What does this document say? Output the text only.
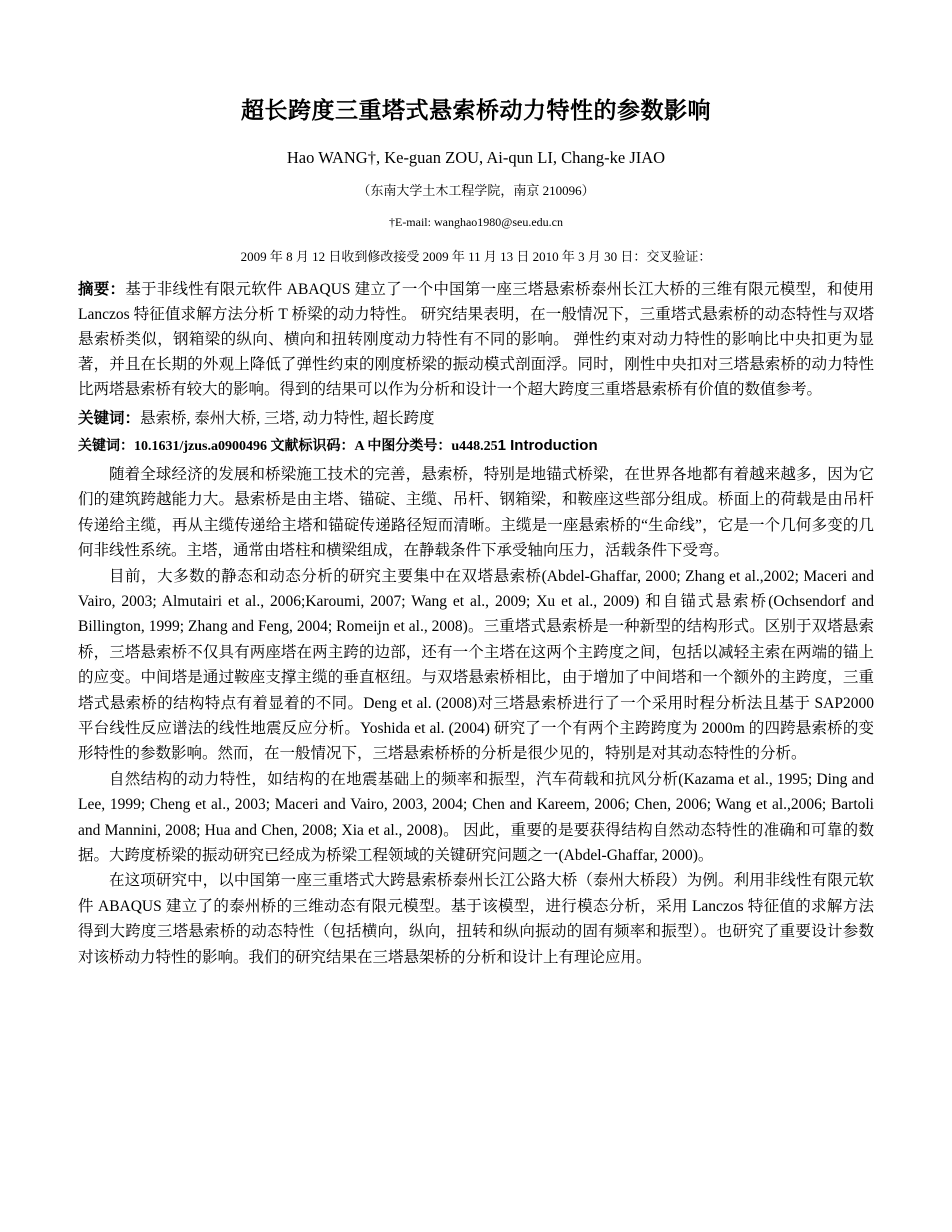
超长跨度三重塔式悬索桥动力特性的参数影响
Hao WANG†, Ke-guan ZOU, Ai-qun LI, Chang-ke JIAO
（东南大学土木工程学院，南京 210096）
†E-mail: wanghao1980@seu.edu.cn
2009 年 8 月 12 日收到修改接受 2009 年 11 月 13 日 2010 年 3 月 30 日：交叉验证：
摘要：基于非线性有限元软件 ABAQUS 建立了一个中国第一座三塔悬索桥泰州长江大桥的三维有限元模型，和使用 Lanczos 特征值求解方法分析 T 桥梁的动力特性。 研究结果表明，在一般情况下，三重塔式悬索桥的动态特性与双塔悬索桥类似，钢箱梁的纵向、横向和扭转刚度动力特性有不同的影响。 弹性约束对动力特性的影响比中央扣更为显著，并且在长期的外观上降低了弹性约束的刚度桥梁的振动模式剖面浮。同时，刚性中央扣对三塔悬索桥的动力特性比两塔悬索桥有较大的影响。得到的结果可以作为分析和设计一个超大跨度三重塔悬索桥有价值的数值参考。
关键词：悬索桥, 泰州大桥, 三塔, 动力特性, 超长跨度
关键词：10.1631/jzus.a0900496 文献标识码：A 中图分类号：u448.251 Introduction

随着全球经济的发展和桥梁施工技术的完善，悬索桥，特别是地锚式桥梁，在世界各地都有着越来越多，因为它们的建筑跨越能力大。悬索桥是由主塔、锚碇、主缆、吊杆、钢箱梁，和鞍座这些部分组成。桥面上的荷载是由吊杆传递给主缆，再从主缆传递给主塔和锚碇传递路径短而清晰。主缆是一座悬索桥的“生命线”，它是一个几何多变的几何非线性系统。主塔，通常由塔柱和横梁组成，在静载条件下承受轴向压力，活载条件下受弯。

目前，大多数的静态和动态分析的研究主要集中在双塔悬索桥(Abdel-Ghaffar, 2000; Zhang et al.,2002; Maceri and Vairo, 2003; Almutairi et al., 2006;Karoumi, 2007; Wang et al., 2009; Xu et al., 2009) 和自锚式悬索桥(Ochsendorf and Billington, 1999; Zhang and Feng, 2004; Romeijn et al., 2008)。三重塔式悬索桥是一种新型的结构形式。区别于双塔悬索桥，三塔悬索桥不仅具有两座塔在两主跨的边部，还有一个主塔在这两个主跨度之间，包括以减轻主索在两端的锚上的应变。中间塔是通过鞍座支撑主缆的垂直枢纽。与双塔悬索桥相比，由于增加了中间塔和一个额外的主跨度，三重塔式悬索桥的结构特点有着显着的不同。Deng et al. (2008)对三塔悬索桥进行了一个采用时程分析法且基于 SAP2000 平台线性反应谱法的线性地震反应分析。Yoshida et al. (2004) 研究了一个有两个主跨跨度为 2000m 的四跨悬索桥的变形特性的参数影响。然而，在一般情况下，三塔悬索桥桥的分析是很少见的，特别是对其动态特性的分析。

自然结构的动力特性，如结构的在地震基础上的频率和振型，汽车荷载和抗风分析(Kazama et al., 1995; Ding and Lee, 1999; Cheng et al., 2003; Maceri and Vairo, 2003, 2004; Chen and Kareem, 2006; Chen, 2006; Wang et al.,2006; Bartoli and Mannini, 2008; Hua and Chen, 2008; Xia et al., 2008)。 因此，重要的是要获得结构自然动态特性的准确和可靠的数据。大跨度桥梁的振动研究已经成为桥梁工程领域的关键研究问题之一(Abdel-Ghaffar, 2000)。

在这项研究中，以中国第一座三重塔式大跨悬索桥泰州长江公路大桥（泰州大桥段）为例。利用非线性有限元软件 ABAQUS 建立了的泰州桥的三维动态有限元模型。基于该模型，进行模态分析，采用 Lanczos 特征值的求解方法得到大跨度三塔悬索桥的动态特性（包括横向，纵向，扭转和纵向振动的固有频率和振型）。也研究了重要设计参数对该桥动力特性的影响。我们的研究结果在三塔悬架桥的分析和设计上有理论应用。
